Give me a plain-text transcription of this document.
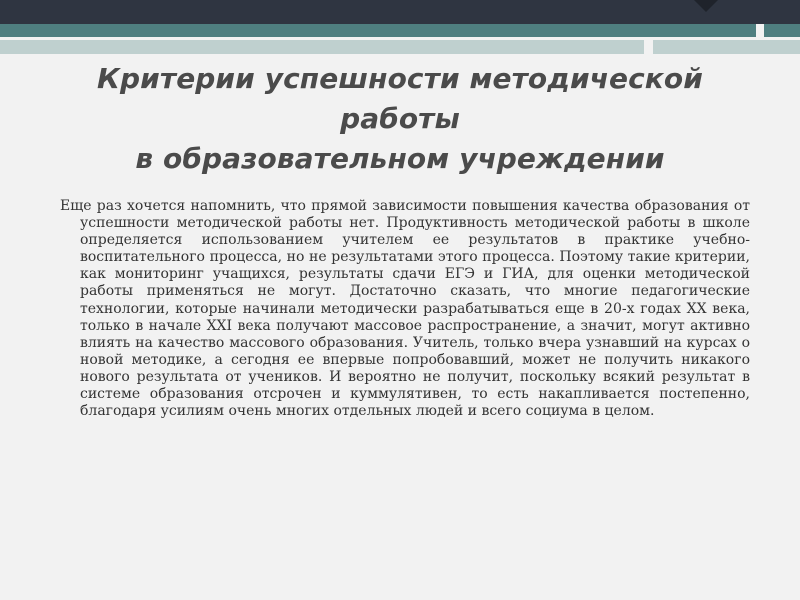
Критерии успешности методической
работы
в образовательном учреждении

Еще раз хочется напомнить, что прямой зависимости повышения качества образования от успешности методической работы нет. Продуктивность методической работы в школе определяется использованием учителем ее результатов в практике учебно-воспитательного процесса, но не результатами этого процесса. Поэтому такие критерии, как мониторинг учащихся, результаты сдачи ЕГЭ и ГИА, для оценки методической работы применяться не могут. Достаточно сказать, что многие педагогические технологии, которые начинали методически разрабатываться еще в 20-х годах ХХ века, только в начале XXI века получают массовое распространение, а значит, могут активно влиять на качество массового образования. Учитель, только вчера узнавший на курсах о новой методике, а сегодня ее впервые попробовавший, может не получить никакого нового результата от учеников. И вероятно не получит, поскольку всякий результат в системе образования отсрочен и куммулятивен, то есть накапливается постепенно, благодаря усилиям очень многих отдельных людей и всего социума в целом.
